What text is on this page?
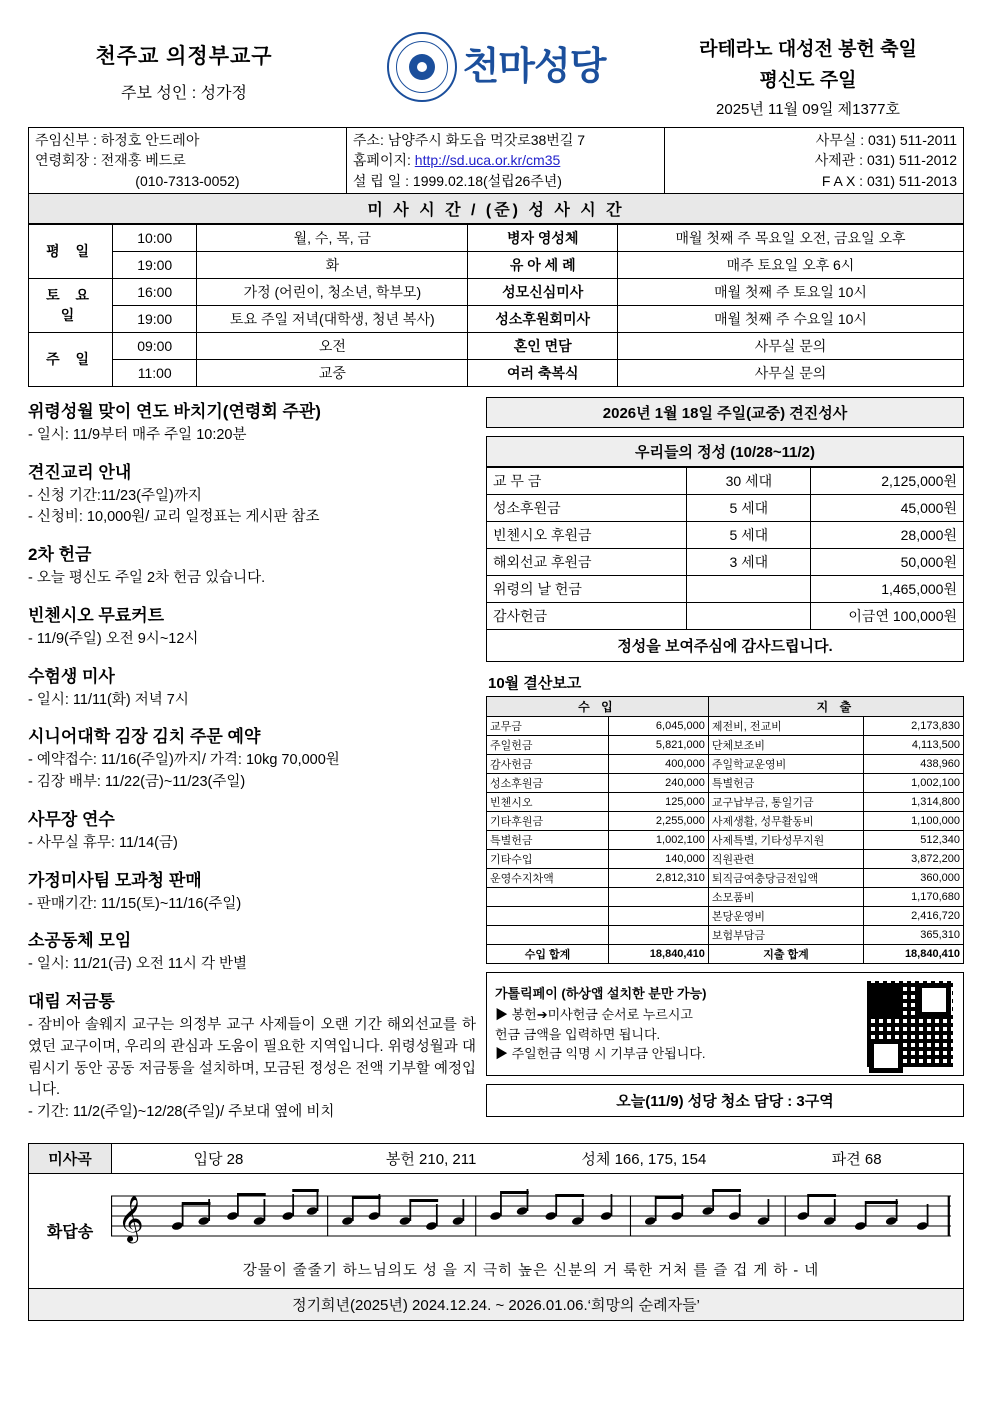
천주교 의정부교구
주보 성인 : 성가정
천마성당	라테라노 대성전 봉헌 축일
평신도 주일
2025년 11월 09일 제1377호
주임신부 : 하정호 안드레아
연령회장 : 전재홍 베드로
(010-7313-0052)

주소: 남양주시 화도읍 먹갓로38번길 7
홈페이지: http://sd.uca.or.kr/cm35
설 립 일 : 1999.02.18(설립26주년)

사무실 : 031) 511-2011
사제관 : 031) 511-2012
F A X : 031) 511-2013
미 사 시 간 / (준) 성 사 시 간
평 일	10:00	월, 수, 목, 금	병자 영성체	매월 첫째 주 목요일 오전, 금요일 오후
	19:00	화	유 아 세 례	매주 토요일 오후 6시
토 요 일	16:00	가정 (어린이, 청소년, 학부모)	성모신심미사	매월 첫째 주 토요일 10시
	19:00	토요 주일 저녁(대학생, 청년 복사)	성소후원회미사	매월 첫째 주 수요일 10시
주 일	09:00	오전	혼인 면담	사무실 문의
	11:00	교중	여러 축복식	사무실 문의
위령성월 맞이 연도 바치기(연령회 주관)

- 일시: 11/9부터 매주 주일 10:20분

견진교리 안내

- 신청 기간:11/23(주일)까지

- 신청비: 10,000원/ 교리 일정표는 게시판 참조

2차 헌금

- 오늘 평신도 주일 2차 헌금 있습니다.

빈첸시오 무료커트

- 11/9(주일) 오전 9시~12시

수험생 미사

- 일시: 11/11(화) 저녁 7시

시니어대학 김장 김치 주문 예약

- 예약접수: 11/16(주일)까지/ 가격: 10kg 70,000원

- 김장 배부: 11/22(금)~11/23(주일)

사무장 연수

- 사무실 휴무: 11/14(금)

가정미사팀 모과청 판매

- 판매기간: 11/15(토)~11/16(주일)

소공동체 모임

- 일시: 11/21(금) 오전 11시 각 반별

대림 저금통

- 잠비아 솔웨지 교구는 의정부 교구 사제들이 오랜 기간 해외선교를 하였던 교구이며, 우리의 관심과 도움이 필요한 지역입니다. 위령성월과 대림시기 동안 공동 저금통을 설치하며, 모금된 정성은 전액 기부할 예정입니다.

- 기간: 11/2(주일)~12/28(주일)/ 주보대 옆에 비치

2026년 1월 18일 주일(교중) 견진성사
우리들의 정성 (10/28~11/2)
교 무 금	30 세대	2,125,000원
성소후원금	5 세대	45,000원
빈첸시오 후원금	5 세대	28,000원
해외선교 후원금	3 세대	50,000원
위령의 날 헌금		1,465,000원
감사헌금		이금연 100,000원
정성을 보여주심에 감사드립니다.		
10월 결산보고
수 입		지 출	
교무금	6,045,000	제전비, 전교비	2,173,830
주일헌금	5,821,000	단체보조비	4,113,500
감사헌금	400,000	주일학교운영비	438,960
성소후원금	240,000	특별헌금	1,002,100
빈첸시오	125,000	교구납부금, 통일기금	1,314,800
기타후원금	2,255,000	사제생활, 성무활동비	1,100,000
특별헌금	1,002,100	사제특별, 기타성무지원	512,340
기타수입	140,000	직원관련	3,872,200
운영수지차액	2,812,310	퇴직금여충당금전입액	360,000
		소모품비	1,170,680
		본당운영비	2,416,720
		보험부담금	365,310
수입 합계	18,840,410	지출 합계	18,840,410
가톨릭페이 (하상앱 설치한 분만 가능)
▶ 봉헌➔미사헌금 순서로 누르시고
헌금 금액을 입력하면 됩니다.
▶ 주일헌금 익명 시 기부금 안됩니다.
오늘(11/9) 성당 청소 담당 : 3구역
미사곡	입당 28	봉헌 210, 211	성체 166, 175, 154	파견 68
화답송 𝄞
강물이 줄줄기 하느님의도 성 을 지 극히 높은 신분의 거 룩한 거처 를 즐 겁 게 하 - 네
정기희년(2025년) 2024.12.24. ~ 2026.01.06.‘희망의 순례자들’
